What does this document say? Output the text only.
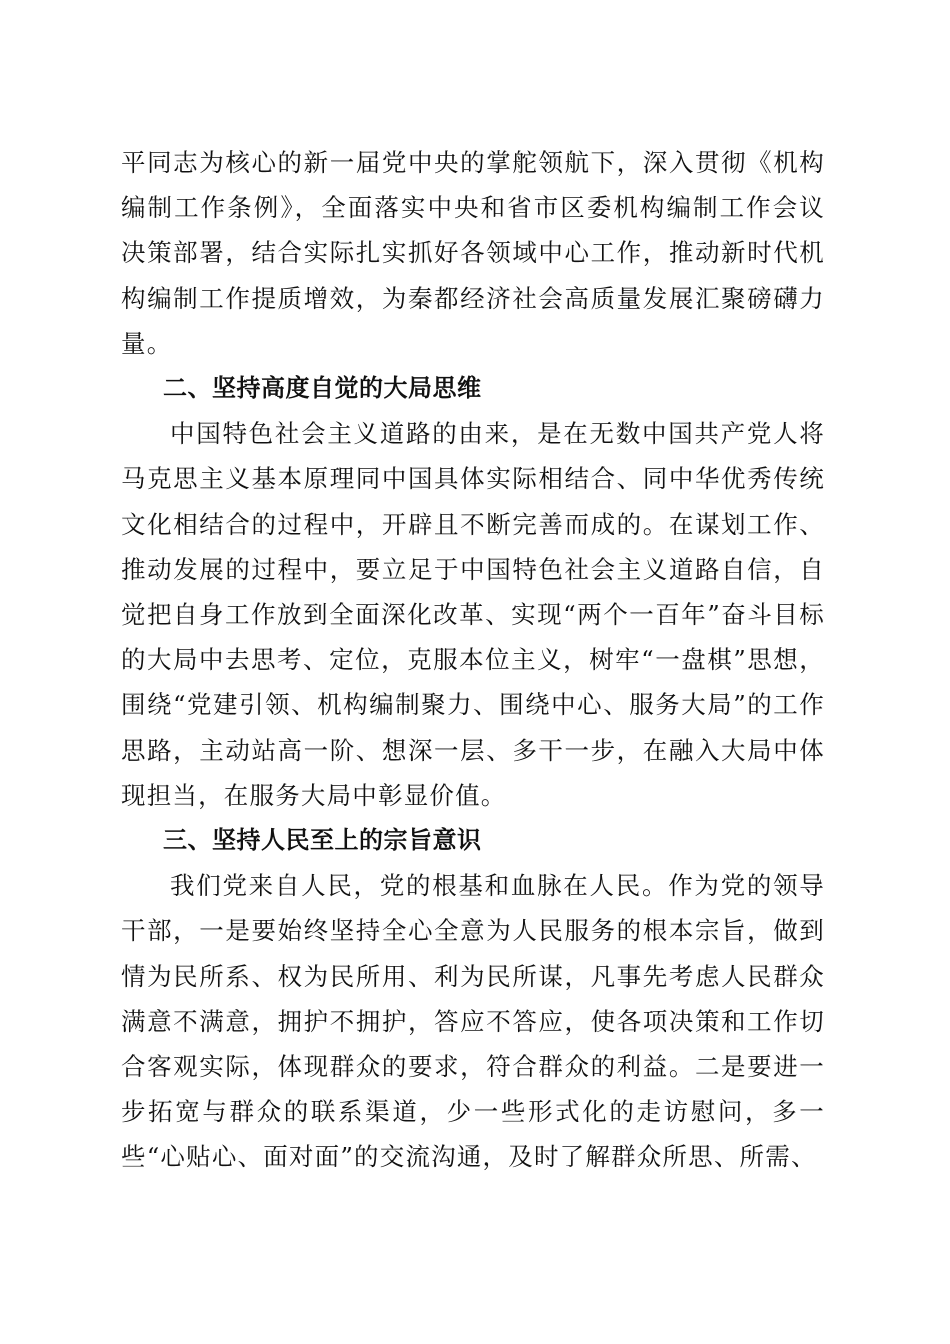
平同志为核心的新一届党中央的掌舵领航下，深入贯彻《机构编制工作条例》，全面落实中央和省市区委机构编制工作会议决策部署，结合实际扎实抓好各领域中心工作，推动新时代机构编制工作提质增效，为秦都经济社会高质量发展汇聚磅礴力量。

二、坚持高度自觉的大局思维

中国特色社会主义道路的由来，是在无数中国共产党人将马克思主义基本原理同中国具体实际相结合、同中华优秀传统文化相结合的过程中，开辟且不断完善而成的。在谋划工作、推动发展的过程中，要立足于中国特色社会主义道路自信，自觉把自身工作放到全面深化改革、实现“两个一百年”奋斗目标的大局中去思考、定位，克服本位主义，树牢“一盘棋”思想，围绕“党建引领、机构编制聚力、围绕中心、服务大局”的工作思路，主动站高一阶、想深一层、多干一步，在融入大局中体现担当，在服务大局中彰显价值。

三、坚持人民至上的宗旨意识

我们党来自人民，党的根基和血脉在人民。作为党的领导干部，一是要始终坚持全心全意为人民服务的根本宗旨，做到情为民所系、权为民所用、利为民所谋，凡事先考虑人民群众满意不满意，拥护不拥护，答应不答应，使各项决策和工作切合客观实际，体现群众的要求，符合群众的利益。二是要进一步拓宽与群众的联系渠道，少一些形式化的走访慰问，多一些“心贴心、面对面”的交流沟通，及时了解群众所思、所需、
